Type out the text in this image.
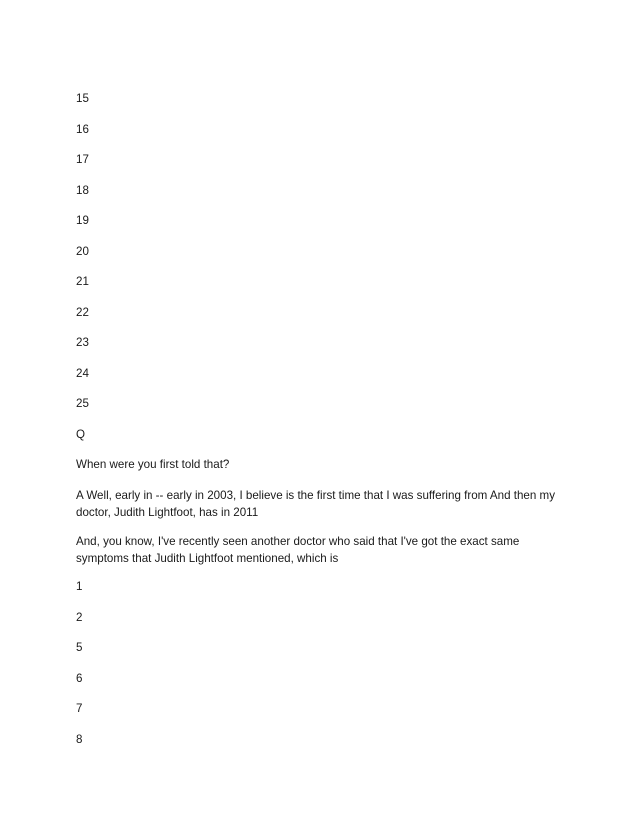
15
16
17
18
19
20
21
22
23
24
25
Q
When were you first told that?
A Well, early in -- early in 2003, I believe is the first time that I was suffering from And then my doctor, Judith Lightfoot, has in 2011
And, you know, I've recently seen another doctor who said that I've got the exact same symptoms that Judith Lightfoot mentioned, which is
1
2
5
6
7
8
